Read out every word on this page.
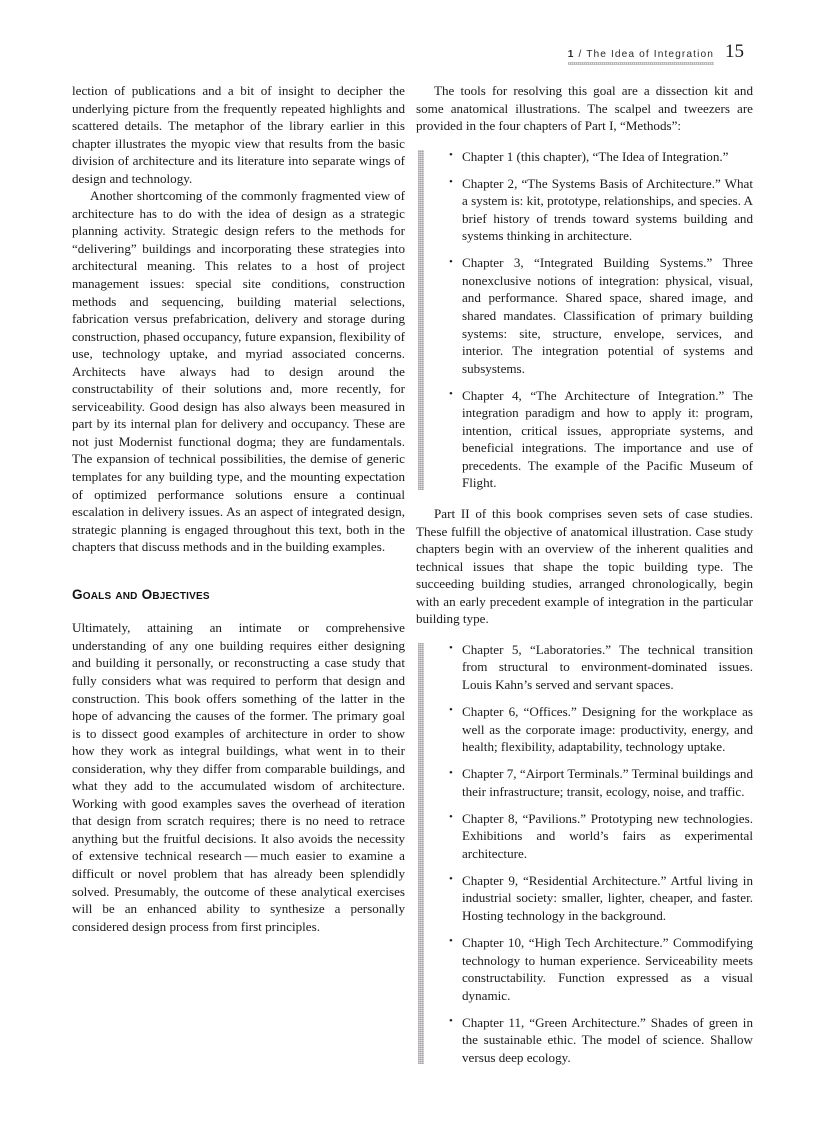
1 / The Idea of Integration 15

lection of publications and a bit of insight to decipher the underlying picture from the frequently repeated highlights and scattered details. The metaphor of the library earlier in this chapter illustrates the myopic view that results from the basic division of architecture and its literature into separate wings of design and technology.

Another shortcoming of the commonly fragmented view of architecture has to do with the idea of design as a strategic planning activity. Strategic design refers to the methods for “delivering” buildings and incorporating these strategies into architectural meaning. This relates to a host of project management issues: special site conditions, construction methods and sequencing, building material selections, fabrication versus prefabrication, delivery and storage during construction, phased occupancy, future expansion, flexibility of use, technology uptake, and myriad associated concerns. Architects have always had to design around the constructability of their solutions and, more recently, for serviceability. Good design has also always been measured in part by its internal plan for delivery and occupancy. These are not just Modernist functional dogma; they are fundamentals. The expansion of technical possibilities, the demise of generic templates for any building type, and the mounting expectation of optimized performance solutions ensure a continual escalation in delivery issues. As an aspect of integrated design, strategic planning is engaged throughout this text, both in the chapters that discuss methods and in the building examples.

Goals and Objectives

Ultimately, attaining an intimate or comprehensive understanding of any one building requires either designing and building it personally, or reconstructing a case study that fully considers what was required to perform that design and construction. This book offers something of the latter in the hope of advancing the causes of the former. The primary goal is to dissect good examples of architecture in order to show how they work as integral buildings, what went in to their consideration, why they differ from comparable buildings, and what they add to the accumulated wisdom of architecture. Working with good examples saves the overhead of iteration that design from scratch requires; there is no need to retrace anything but the fruitful decisions. It also avoids the necessity of extensive technical research — much easier to examine a difficult or novel problem that has already been splendidly solved. Presumably, the outcome of these analytical exercises will be an enhanced ability to synthesize a personally considered design process from first principles.

The tools for resolving this goal are a dissection kit and some anatomical illustrations. The scalpel and tweezers are provided in the four chapters of Part I, “Methods”:

• Chapter 1 (this chapter), “The Idea of Integration.”
• Chapter 2, “The Systems Basis of Architecture.” What a system is: kit, prototype, relationships, and species. A brief history of trends toward systems building and systems thinking in architecture.
• Chapter 3, “Integrated Building Systems.” Three nonexclusive notions of integration: physical, visual, and performance. Shared space, shared image, and shared mandates. Classification of primary building systems: site, structure, envelope, services, and interior. The integration potential of systems and subsystems.
• Chapter 4, “The Architecture of Integration.” The integration paradigm and how to apply it: program, intention, critical issues, appropriate systems, and beneficial integrations. The importance and use of precedents. The example of the Pacific Museum of Flight.

Part II of this book comprises seven sets of case studies. These fulfill the objective of anatomical illustration. Case study chapters begin with an overview of the inherent qualities and technical issues that shape the topic building type. The succeeding building studies, arranged chronologically, begin with an early precedent example of integration in the particular building type.

• Chapter 5, “Laboratories.” The technical transition from structural to environment-dominated issues. Louis Kahn’s served and servant spaces.
• Chapter 6, “Offices.” Designing for the workplace as well as the corporate image: productivity, energy, and health; flexibility, adaptability, technology uptake.
• Chapter 7, “Airport Terminals.” Terminal buildings and their infrastructure; transit, ecology, noise, and traffic.
• Chapter 8, “Pavilions.” Prototyping new technologies. Exhibitions and world’s fairs as experimental architecture.
• Chapter 9, “Residential Architecture.” Artful living in industrial society: smaller, lighter, cheaper, and faster. Hosting technology in the background.
• Chapter 10, “High Tech Architecture.” Commodifying technology to human experience. Serviceability meets constructability. Function expressed as a visual dynamic.
• Chapter 11, “Green Architecture.” Shades of green in the sustainable ethic. The model of science. Shallow versus deep ecology.
